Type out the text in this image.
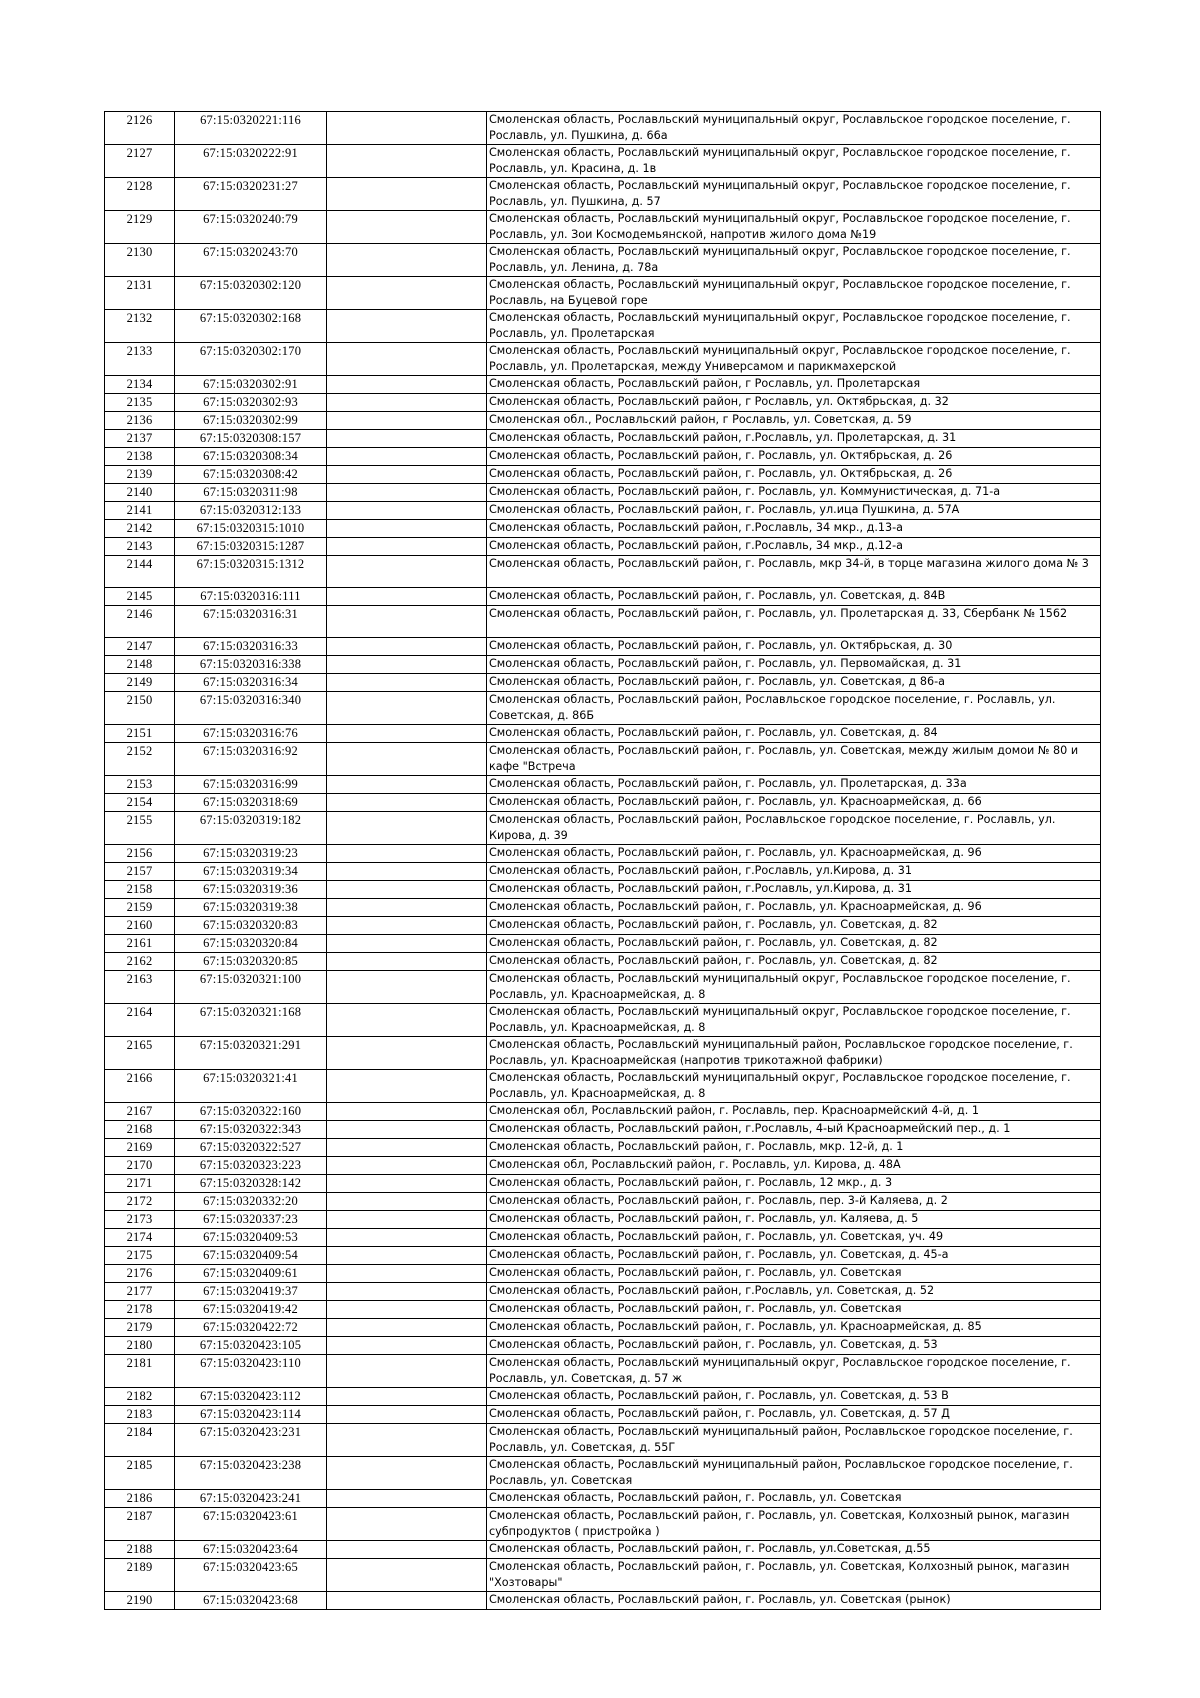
2126	67:15:0320221:116		Смоленская область, Рославльский муниципальный округ, Рославльское городское поселение, г. Рославль, ул. Пушкина, д. 66а
2127	67:15:0320222:91		Смоленская область, Рославльский муниципальный округ, Рославльское городское поселение, г. Рославль, ул. Красина, д. 1в
2128	67:15:0320231:27		Смоленская область, Рославльский муниципальный округ, Рославльское городское поселение, г. Рославль, ул. Пушкина, д. 57
2129	67:15:0320240:79		Смоленская область, Рославльский муниципальный округ, Рославльское городское поселение, г. Рославль, ул. Зои Космодемьянской, напротив жилого дома №19
2130	67:15:0320243:70		Смоленская область, Рославльский муниципальный округ, Рославльское городское поселение, г. Рославль, ул. Ленина, д. 78а
2131	67:15:0320302:120		Смоленская область, Рославльский муниципальный округ, Рославльское городское поселение, г. Рославль, на Буцевой горе
2132	67:15:0320302:168		Смоленская область, Рославльский муниципальный округ, Рославльское городское поселение, г. Рославль, ул. Пролетарская
2133	67:15:0320302:170		Смоленская область, Рославльский муниципальный округ, Рославльское городское поселение, г. Рославль, ул. Пролетарская, между Универсамом и парикмахерской
2134	67:15:0320302:91		Смоленская область, Рославльский район, г Рославль, ул. Пролетарская
2135	67:15:0320302:93		Смоленская область, Рославльский район, г Рославль, ул. Октябрьская, д. 32
2136	67:15:0320302:99		Смоленская обл., Рославльский район, г Рославль, ул. Советская, д. 59
2137	67:15:0320308:157		Смоленская область, Рославльский район, г.Рославль, ул. Пролетарская, д. 31
2138	67:15:0320308:34		Смоленская область, Рославльский район, г. Рославль, ул. Октябрьская, д. 26
2139	67:15:0320308:42		Смоленская область, Рославльский район, г. Рославль, ул. Октябрьская, д. 26
2140	67:15:0320311:98		Смоленская область, Рославльский район, г. Рославль, ул. Коммунистическая, д. 71-а
2141	67:15:0320312:133		Смоленская область, Рославльский район, г. Рославль, ул.ица Пушкина, д. 57А
2142	67:15:0320315:1010		Смоленская область, Рославльский район, г.Рославль, 34 мкр., д.13-а
2143	67:15:0320315:1287		Смоленская область, Рославльский район, г.Рославль, 34 мкр., д.12-а
2144	67:15:0320315:1312		Смоленская область, Рославльский район, г. Рославль, мкр 34-й, в торце магазина жилого дома № 3
2145	67:15:0320316:111		Смоленская область, Рославльский район, г. Рославль, ул. Советская, д. 84В
2146	67:15:0320316:31		Смоленская область, Рославльский район, г. Рославль, ул. Пролетарская д. 33, Сбербанк № 1562
2147	67:15:0320316:33		Смоленская область, Рославльский район, г. Рославль, ул. Октябрьская, д. 30
2148	67:15:0320316:338		Смоленская область, Рославльский район, г. Рославль, ул. Первомайская, д. 31
2149	67:15:0320316:34		Смоленская область, Рославльский район, г. Рославль, ул. Советская, д 86-а
2150	67:15:0320316:340		Смоленская область, Рославльский район, Рославльское городское поселение, г. Рославль, ул. Советская, д. 86Б
2151	67:15:0320316:76		Смоленская область, Рославльский район, г. Рославль, ул. Советская, д. 84
2152	67:15:0320316:92		Смоленская область, Рославльский район, г. Рославль, ул. Советская, между жилым домои № 80 и кафе "Встреча
2153	67:15:0320316:99		Смоленская область, Рославльский район, г. Рославль, ул. Пролетарская, д. 33а
2154	67:15:0320318:69		Смоленская область, Рославльский район, г. Рославль, ул. Красноармейская, д. 66
2155	67:15:0320319:182		Смоленская область, Рославльский район, Рославльское городское поселение, г. Рославль, ул. Кирова, д. 39
2156	67:15:0320319:23		Смоленская область, Рославльский район, г. Рославль, ул. Красноармейская, д. 96
2157	67:15:0320319:34		Смоленская область, Рославльский район, г.Рославль, ул.Кирова, д. 31
2158	67:15:0320319:36		Смоленская область, Рославльский район, г.Рославль, ул.Кирова, д. 31
2159	67:15:0320319:38		Смоленская область, Рославльский район, г. Рославль, ул. Красноармейская, д. 96
2160	67:15:0320320:83		Смоленская область, Рославльский район, г. Рославль, ул. Советская, д. 82
2161	67:15:0320320:84		Смоленская область, Рославльский район, г. Рославль, ул. Советская, д. 82
2162	67:15:0320320:85		Смоленская область, Рославльский район, г. Рославль, ул. Советская, д. 82
2163	67:15:0320321:100		Смоленская область, Рославльский муниципальный округ, Рославльское городское поселение, г. Рославль, ул. Красноармейская, д. 8
2164	67:15:0320321:168		Смоленская область, Рославльский муниципальный округ, Рославльское городское поселение, г. Рославль, ул. Красноармейская, д. 8
2165	67:15:0320321:291		Смоленская область, Рославльский муниципальный район, Рославльское городское поселение, г. Рославль, ул. Красноармейская (напротив трикотажной фабрики)
2166	67:15:0320321:41		Смоленская область, Рославльский муниципальный округ, Рославльское городское поселение, г. Рославль, ул. Красноармейская, д. 8
2167	67:15:0320322:160		Смоленская обл, Рославльский район, г. Рославль, пер. Красноармейский 4-й, д. 1
2168	67:15:0320322:343		Смоленская область, Рославльский район, г.Рославль, 4-ый Красноармейский пер., д. 1
2169	67:15:0320322:527		Смоленская область, Рославльский район, г. Рославль, мкр. 12-й, д. 1
2170	67:15:0320323:223		Смоленская обл, Рославльский район, г. Рославль, ул. Кирова, д. 48А
2171	67:15:0320328:142		Смоленская область, Рославльский район, г. Рославль, 12 мкр., д. 3
2172	67:15:0320332:20		Смоленская область, Рославльский район, г. Рославль, пер. 3-й Каляева, д. 2
2173	67:15:0320337:23		Смоленская область, Рославльский район, г. Рославль, ул. Каляева, д. 5
2174	67:15:0320409:53		Смоленская область, Рославльский район, г. Рославль, ул. Советская, уч. 49
2175	67:15:0320409:54		Смоленская область, Рославльский район, г. Рославль, ул. Советская, д. 45-а
2176	67:15:0320409:61		Смоленская область, Рославльский район, г. Рославль, ул. Советская
2177	67:15:0320419:37		Смоленская область, Рославльский район, г.Рославль, ул. Советская, д. 52
2178	67:15:0320419:42		Смоленская область, Рославльский район, г. Рославль, ул. Советская
2179	67:15:0320422:72		Смоленская область, Рославльский район, г. Рославль, ул. Красноармейская, д. 85
2180	67:15:0320423:105		Смоленская область, Рославльский район, г. Рославль, ул. Советская, д. 53
2181	67:15:0320423:110		Смоленская область, Рославльский муниципальный округ, Рославльское городское поселение, г. Рославль, ул. Советская, д. 57 ж
2182	67:15:0320423:112		Смоленская область, Рославльский район, г. Рославль, ул. Советская, д. 53 В
2183	67:15:0320423:114		Смоленская область, Рославльский район, г. Рославль, ул. Советская, д. 57 Д
2184	67:15:0320423:231		Смоленская область, Рославльский муниципальный район, Рославльское городское поселение, г. Рославль, ул. Советская, д. 55Г
2185	67:15:0320423:238		Смоленская область, Рославльский муниципальный район, Рославльское городское поселение, г. Рославль, ул. Советская
2186	67:15:0320423:241		Смоленская область, Рославльский район, г. Рославль, ул. Советская
2187	67:15:0320423:61		Смоленская область, Рославльский район, г. Рославль, ул. Советская, Колхозный рынок, магазин субпродуктов ( пристройка )
2188	67:15:0320423:64		Смоленская область, Рославльский район, г. Рославль, ул.Советская, д.55
2189	67:15:0320423:65		Смоленская область, Рославльский район, г. Рославль, ул. Советская, Колхозный рынок, магазин "Хозтовары"
2190	67:15:0320423:68		Смоленская область, Рославльский район, г. Рославль, ул. Советская (рынок)
